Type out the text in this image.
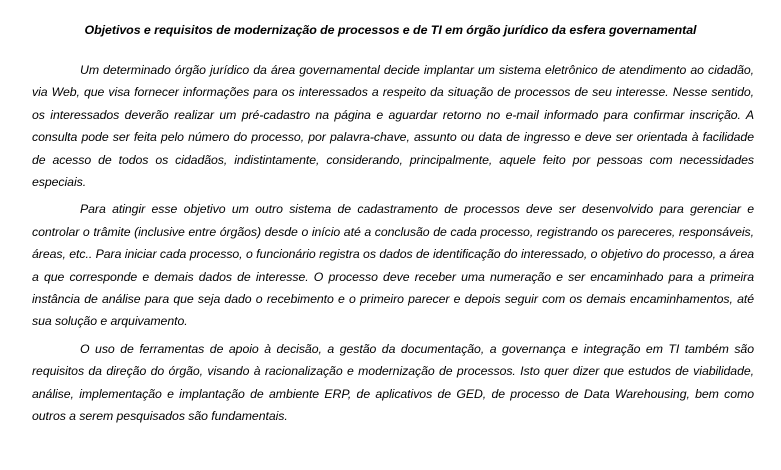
Objetivos e requisitos de modernização de processos e de TI em órgão jurídico da esfera governamental

Um determinado órgão jurídico da área governamental decide implantar um sistema eletrônico de atendimento ao cidadão, via Web, que visa fornecer informações para os interessados a respeito da situação de processos de seu interesse. Nesse sentido, os interessados deverão realizar um pré-cadastro na página e aguardar retorno no e-mail informado para confirmar inscrição. A consulta pode ser feita pelo número do processo, por palavra-chave, assunto ou data de ingresso e deve ser orientada à facilidade de acesso de todos os cidadãos, indistintamente, considerando, principalmente, aquele feito por pessoas com necessidades especiais.

Para atingir esse objetivo um outro sistema de cadastramento de processos deve ser desenvolvido para gerenciar e controlar o trâmite (inclusive entre órgãos) desde o início até a conclusão de cada processo, registrando os pareceres, responsáveis, áreas, etc.. Para iniciar cada processo, o funcionário registra os dados de identificação do interessado, o objetivo do processo, a área a que corresponde e demais dados de interesse. O processo deve receber uma numeração e ser encaminhado para a primeira instância de análise para que seja dado o recebimento e o primeiro parecer e depois seguir com os demais encaminhamentos, até sua solução e arquivamento.

O uso de ferramentas de apoio à decisão, a gestão da documentação, a governança e integração em TI também são requisitos da direção do órgão, visando à racionalização e modernização de processos. Isto quer dizer que estudos de viabilidade, análise, implementação e implantação de ambiente ERP, de aplicativos de GED, de processo de Data Warehousing, bem como outros a serem pesquisados são fundamentais.
